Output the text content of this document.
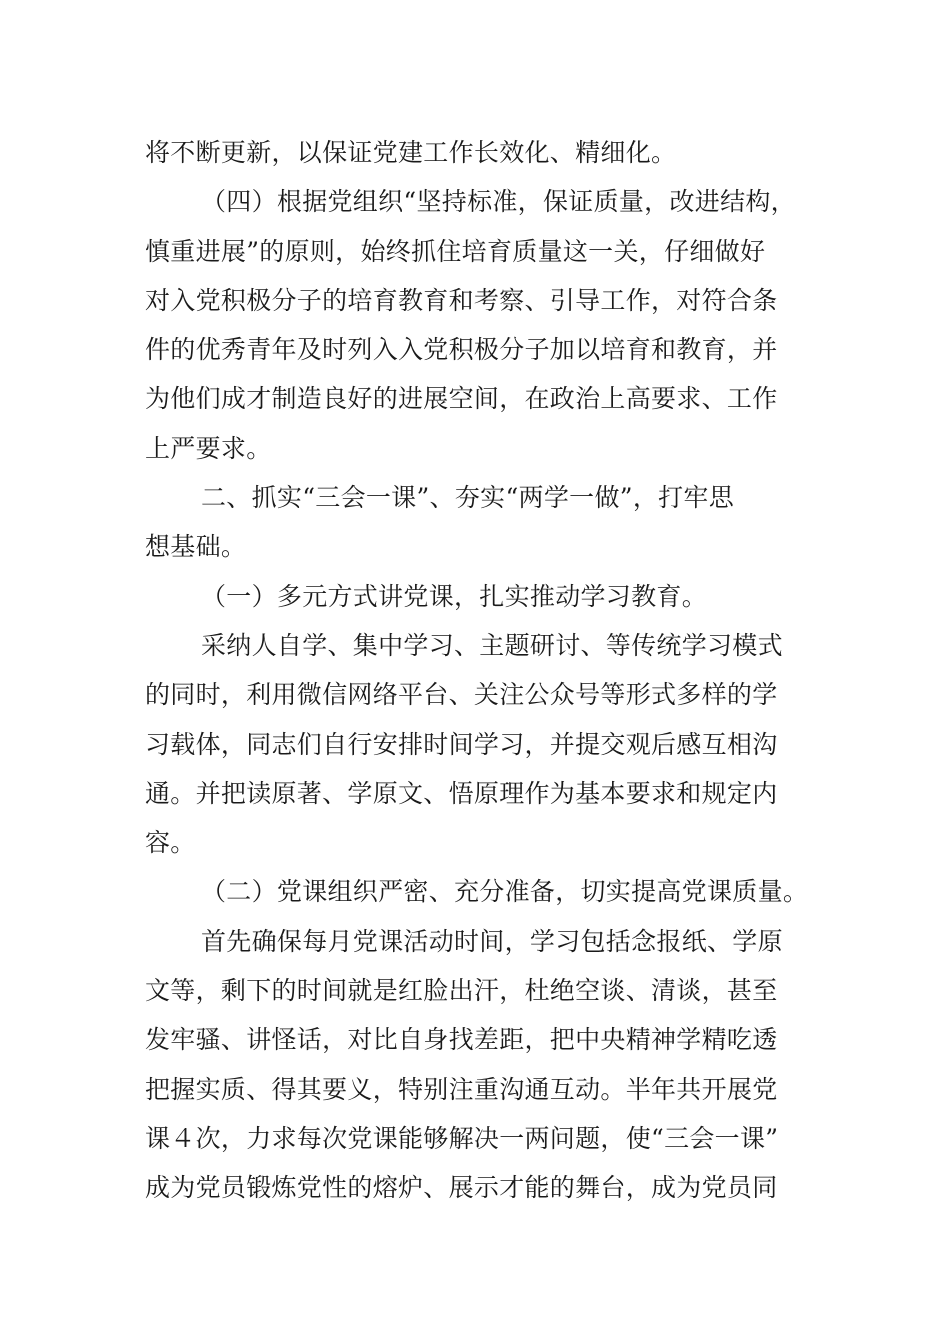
将不断更新，以保证党建工作长效化、精细化。
（四）根据党组织“坚持标准，保证质量，改进结构，
慎重进展”的原则，始终抓住培育质量这一关，仔细做好
对入党积极分子的培育教育和考察、引导工作，对符合条
件的优秀青年及时列入入党积极分子加以培育和教育，并
为他们成才制造良好的进展空间，在政治上高要求、工作
上严要求。
二、抓实“三会一课”、夯实“两学一做”，打牢思
想基础。
（一）多元方式讲党课，扎实推动学习教育。
采纳人自学、集中学习、主题研讨、等传统学习模式
的同时，利用微信网络平台、关注公众号等形式多样的学
习载体，同志们自行安排时间学习，并提交观后感互相沟
通。并把读原著、学原文、悟原理作为基本要求和规定内
容。
（二）党课组织严密、充分准备，切实提高党课质量。
首先确保每月党课活动时间，学习包括念报纸、学原
文等，剩下的时间就是红脸出汗，杜绝空谈、清谈，甚至
发牢骚、讲怪话，对比自身找差距，把中央精神学精吃透
把握实质、得其要义，特别注重沟通互动。半年共开展党
课４次，力求每次党课能够解决一两问题，使“三会一课”
成为党员锻炼党性的熔炉、展示才能的舞台，成为党员同
